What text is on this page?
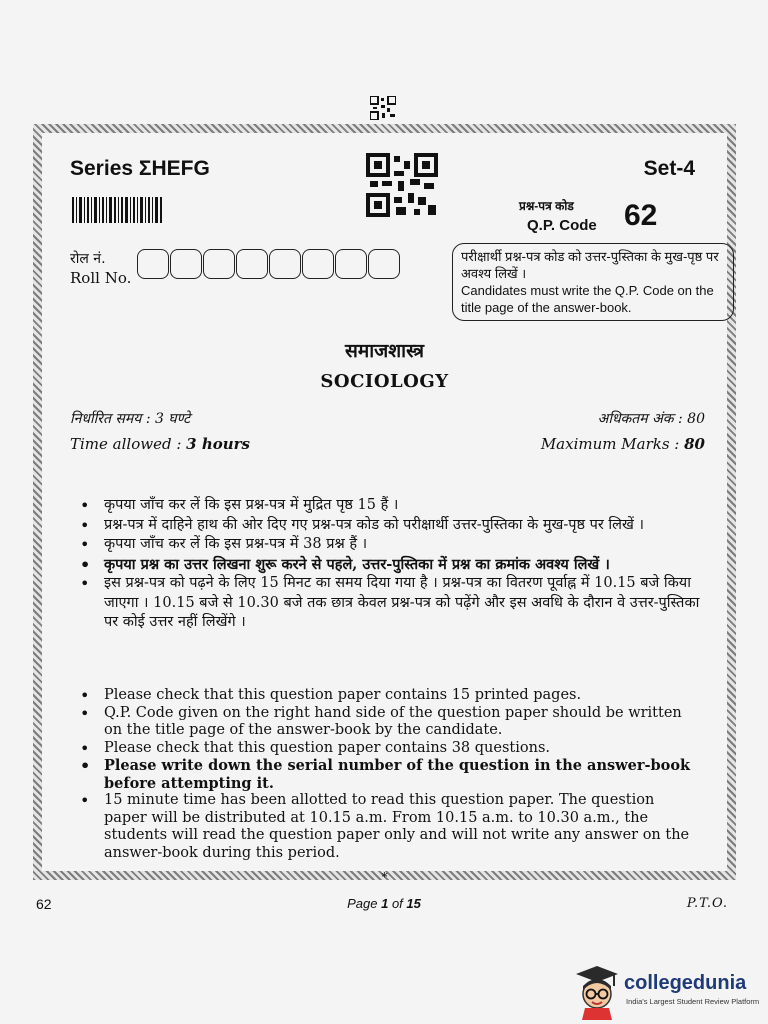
Series ΣHEFG	Set-4
प्रश्न-पत्र कोड
Q.P. Code 62
रोल नं.
Roll No.
परीक्षार्थी प्रश्न-पत्र कोड को उत्तर-पुस्तिका के मुख-पृष्ठ पर अवश्य लिखें ।
Candidates must write the Q.P. Code on the title page of the answer-book.
समाजशास्त्र
SOCIOLOGY
निर्धारित समय : 3 घण्टे
Time allowed : 3 hours
अधिकतम अंक : 80
Maximum Marks : 80
• कृपया जाँच कर लें कि इस प्रश्न-पत्र में मुद्रित पृष्ठ 15 हैं ।
• प्रश्न-पत्र में दाहिने हाथ की ओर दिए गए प्रश्न-पत्र कोड को परीक्षार्थी उत्तर-पुस्तिका के मुख-पृष्ठ पर लिखें ।
• कृपया जाँच कर लें कि इस प्रश्न-पत्र में 38 प्रश्न हैं ।
• कृपया प्रश्न का उत्तर लिखना शुरू करने से पहले, उत्तर-पुस्तिका में प्रश्न का क्रमांक अवश्य लिखें ।
• इस प्रश्न-पत्र को पढ़ने के लिए 15 मिनट का समय दिया गया है । प्रश्न-पत्र का वितरण पूर्वाह्न में 10.15 बजे किया जाएगा । 10.15 बजे से 10.30 बजे तक छात्र केवल प्रश्न-पत्र को पढ़ेंगे और इस अवधि के दौरान वे उत्तर-पुस्तिका पर कोई उत्तर नहीं लिखेंगे ।
• Please check that this question paper contains 15 printed pages.
• Q.P. Code given on the right hand side of the question paper should be written on the title page of the answer-book by the candidate.
• Please check that this question paper contains 38 questions.
• Please write down the serial number of the question in the answer-book before attempting it.
• 15 minute time has been allotted to read this question paper. The question paper will be distributed at 10.15 a.m. From 10.15 a.m. to 10.30 a.m., the students will read the question paper only and will not write any answer on the answer-book during this period.
*
62	Page 1 of 15	P.T.O.
collegedunia
India's Largest Student Review Platform
